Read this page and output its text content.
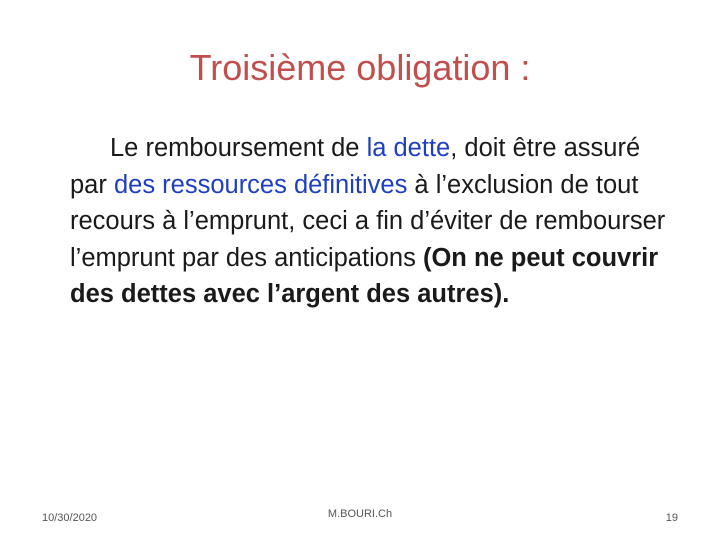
Troisième obligation :

Le remboursement de la dette, doit être assuré par des ressources définitives à l’exclusion de tout recours à l’emprunt, ceci a fin d’éviter de rembourser l’emprunt par des anticipations (On ne peut couvrir des dettes avec l’argent des autres).

10/30/2020	M.BOURI.Ch	19
